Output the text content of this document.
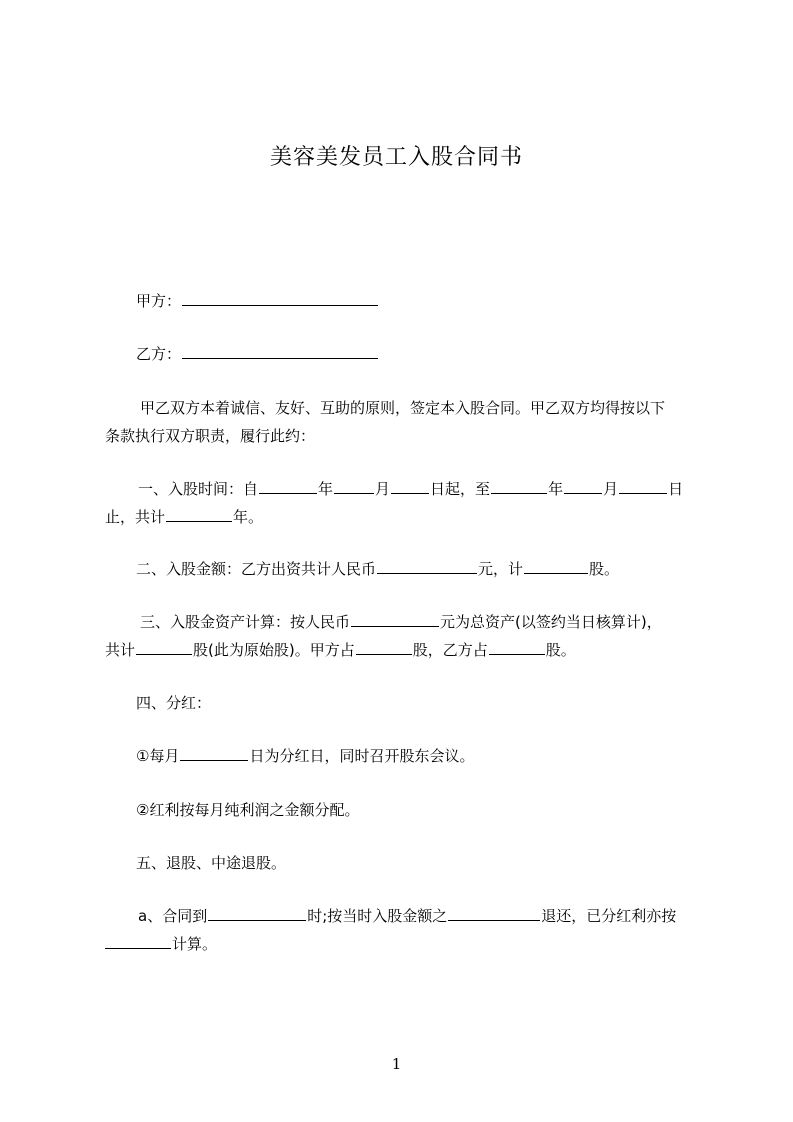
美容美发员工入股合同书
甲方：
乙方：
甲乙双方本着诚信、友好、互助的原则，签定本入股合同。甲乙双方均得按以下
条款执行双方职责，履行此约：
一、入股时间：自	年	月	日起，至	年	月	日
止，共计	年。
二、入股金额：乙方出资共计人民币	元，计	股。
三、入股金资产计算：按人民币	元为总资产(以签约当日核算计)，
共计	股(此为原始股)。甲方占	股，乙方占	股。
四、分红：
①每月	日为分红日，同时召开股东会议。
②红利按每月纯利润之金额分配。
五、退股、中途退股。
a、合同到	时;按当时入股金额之	退还，已分红利亦按
计算。
1
